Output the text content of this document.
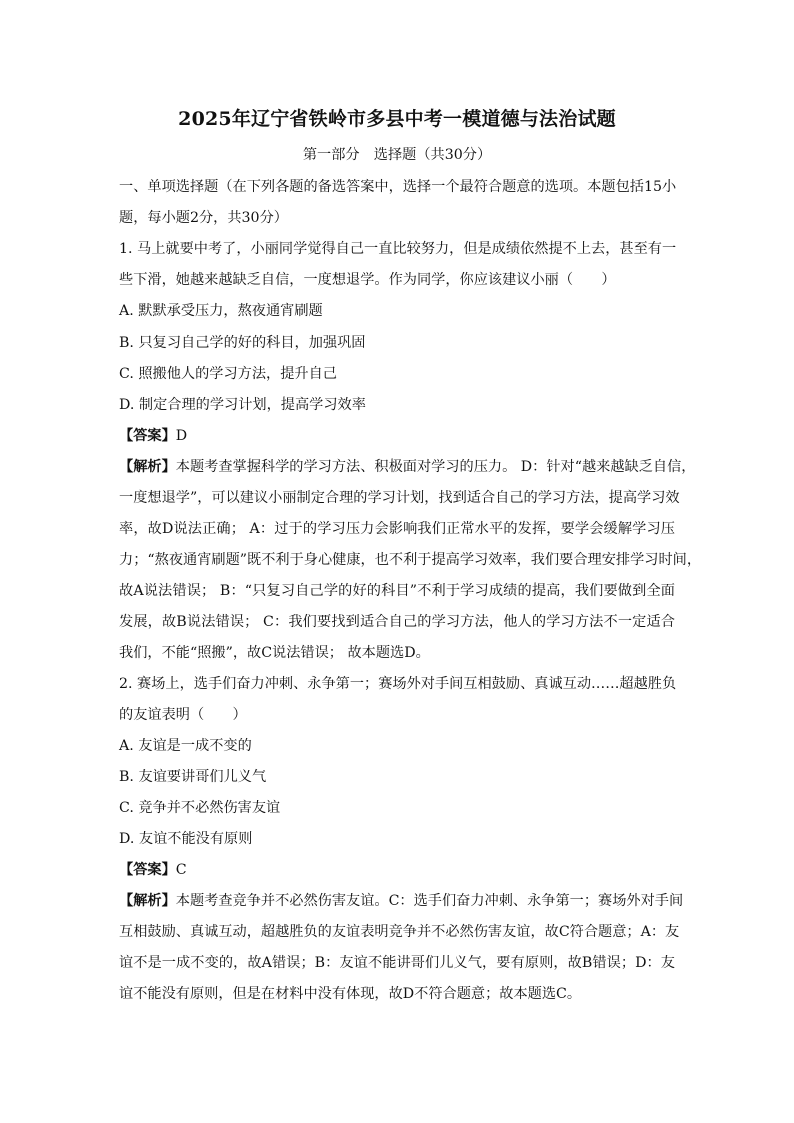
2025年辽宁省铁岭市多县中考一模道德与法治试题
第一部分　选择题（共30分）
一、单项选择题（在下列各题的备选答案中，选择一个最符合题意的选项。本题包括15小
题，每小题2分，共30分）
1. 马上就要中考了，小丽同学觉得自己一直比较努力，但是成绩依然提不上去，甚至有一
些下滑，她越来越缺乏自信，一度想退学。作为同学，你应该建议小丽（　　）
A. 默默承受压力，熬夜通宵刷题
B. 只复习自己学的好的科目，加强巩固
C. 照搬他人的学习方法，提升自己
D. 制定合理的学习计划，提高学习效率
【答案】D
【解析】本题考查掌握科学的学习方法、积极面对学习的压力。 D：针对“越来越缺乏自信，
一度想退学”，可以建议小丽制定合理的学习计划，找到适合自己的学习方法，提高学习效
率，故D说法正确； A：过于的学习压力会影响我们正常水平的发挥，要学会缓解学习压
力；“熬夜通宵刷题”既不利于身心健康，也不利于提高学习效率，我们要合理安排学习时间，
故A说法错误； B：“只复习自己学的好的科目”不利于学习成绩的提高，我们要做到全面
发展，故B说法错误； C：我们要找到适合自己的学习方法，他人的学习方法不一定适合
我们，不能“照搬”，故C说法错误； 故本题选D。
2. 赛场上，选手们奋力冲刺、永争第一；赛场外对手间互相鼓励、真诚互动……超越胜负
的友谊表明（　　）
A. 友谊是一成不变的
B. 友谊要讲哥们儿义气
C. 竞争并不必然伤害友谊
D. 友谊不能没有原则
【答案】C
【解析】本题考查竞争并不必然伤害友谊。C：选手们奋力冲刺、永争第一；赛场外对手间
互相鼓励、真诚互动，超越胜负的友谊表明竞争并不必然伤害友谊，故C符合题意；A：友
谊不是一成不变的，故A错误；B：友谊不能讲哥们儿义气，要有原则，故B错误；D：友
谊不能没有原则，但是在材料中没有体现，故D不符合题意；故本题选C。
